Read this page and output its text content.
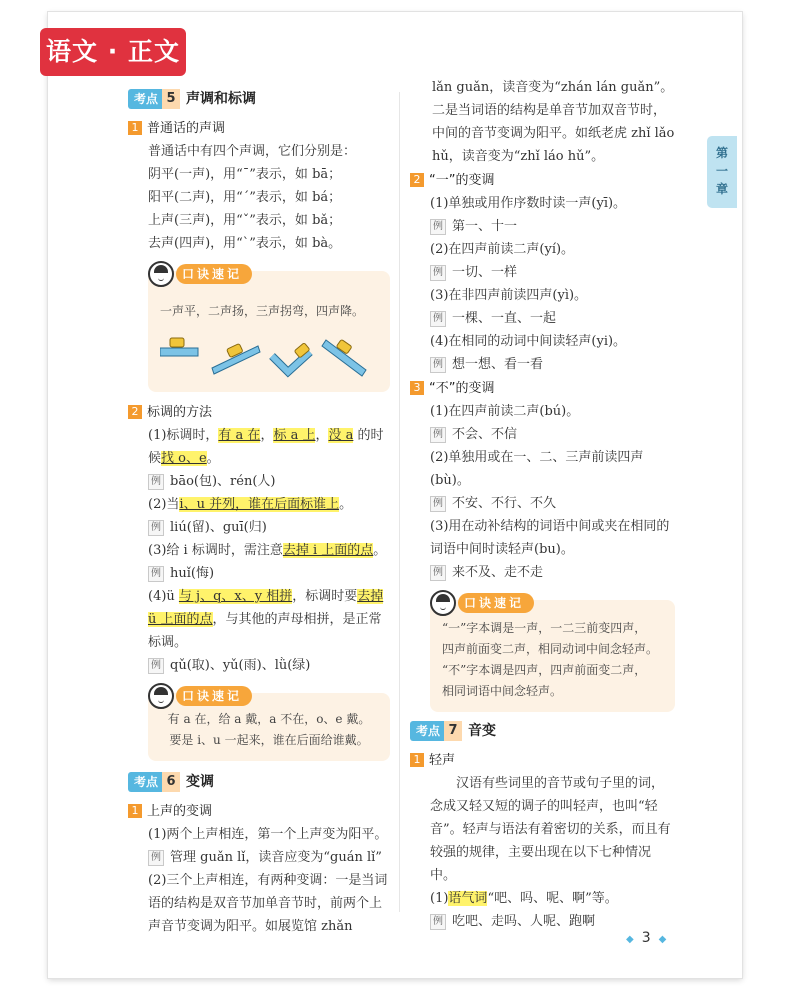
语文 · 正文
第
一
章
考点 5 声调和标调
1 普通话的声调
普通话中有四个声调，它们分别是：
阴平(一声)，用“ˉ”表示，如 bā；
阳平(二声)，用“ˊ”表示，如 bá；
上声(三声)，用“ˇ”表示，如 bǎ；
去声(四声)，用“ˋ”表示，如 bà。
口诀速记
一声平，二声扬，三声拐弯，四声降。
2 标调的方法
(1)标调时，有 a 在，标 a 上，没 a 的时候找 o、e。
例 bāo(包)、rén(人)
(2)当i、u 并列，谁在后面标谁上。
例 liú(留)、guī(归)
(3)给 i 标调时，需注意去掉 i 上面的点。
例 huǐ(悔)
(4)ü 与 j、q、x、y 相拼，标调时要去掉 ü 上面的点，与其他的声母相拼，是正常标调。
例 qǔ(取)、yǔ(雨)、lǜ(绿)
口诀速记
有 a 在，给 a 戴，a 不在，o、e 戴。
要是 i、u 一起来，谁在后面给谁戴。
考点 6 变调
1 上声的变调
(1)两个上声相连，第一个上声变为阳平。
例 管理 guǎn lǐ，读音应变为“guán lǐ”
(2)三个上声相连，有两种变调：一是当词语的结构是双音节加单音节时，前两个上声音节变调为阳平。如展览馆 zhǎn
lǎn guǎn，读音变为“zhán lán guǎn”。二是当词语的结构是单音节加双音节时，中间的音节变调为阳平。如纸老虎 zhǐ lǎo hǔ，读音变为“zhǐ láo hǔ”。
2 “一”的变调
(1)单独或用作序数时读一声(yī)。
例 第一、十一
(2)在四声前读二声(yí)。
例 一切、一样
(3)在非四声前读四声(yì)。
例 一棵、一直、一起
(4)在相同的动词中间读轻声(yi)。
例 想一想、看一看
3 “不”的变调
(1)在四声前读二声(bú)。
例 不会、不信
(2)单独用或在一、二、三声前读四声(bù)。
例 不安、不行、不久
(3)用在动补结构的词语中间或夹在相同的词语中间时读轻声(bu)。
例 来不及、走不走
口诀速记
“一”字本调是一声，一二三前变四声，
四声前面变二声，相同动词中间念轻声。
“不”字本调是四声，四声前面变二声，
相同词语中间念轻声。
考点 7 音变
1 轻声
汉语有些词里的音节或句子里的词，念成又轻又短的调子的叫轻声，也叫“轻音”。轻声与语法有着密切的关系，而且有较强的规律，主要出现在以下七种情况中。
(1)语气词“吧、吗、呢、啊”等。
例 吃吧、走吗、人呢、跑啊
◆ 3 ◆
